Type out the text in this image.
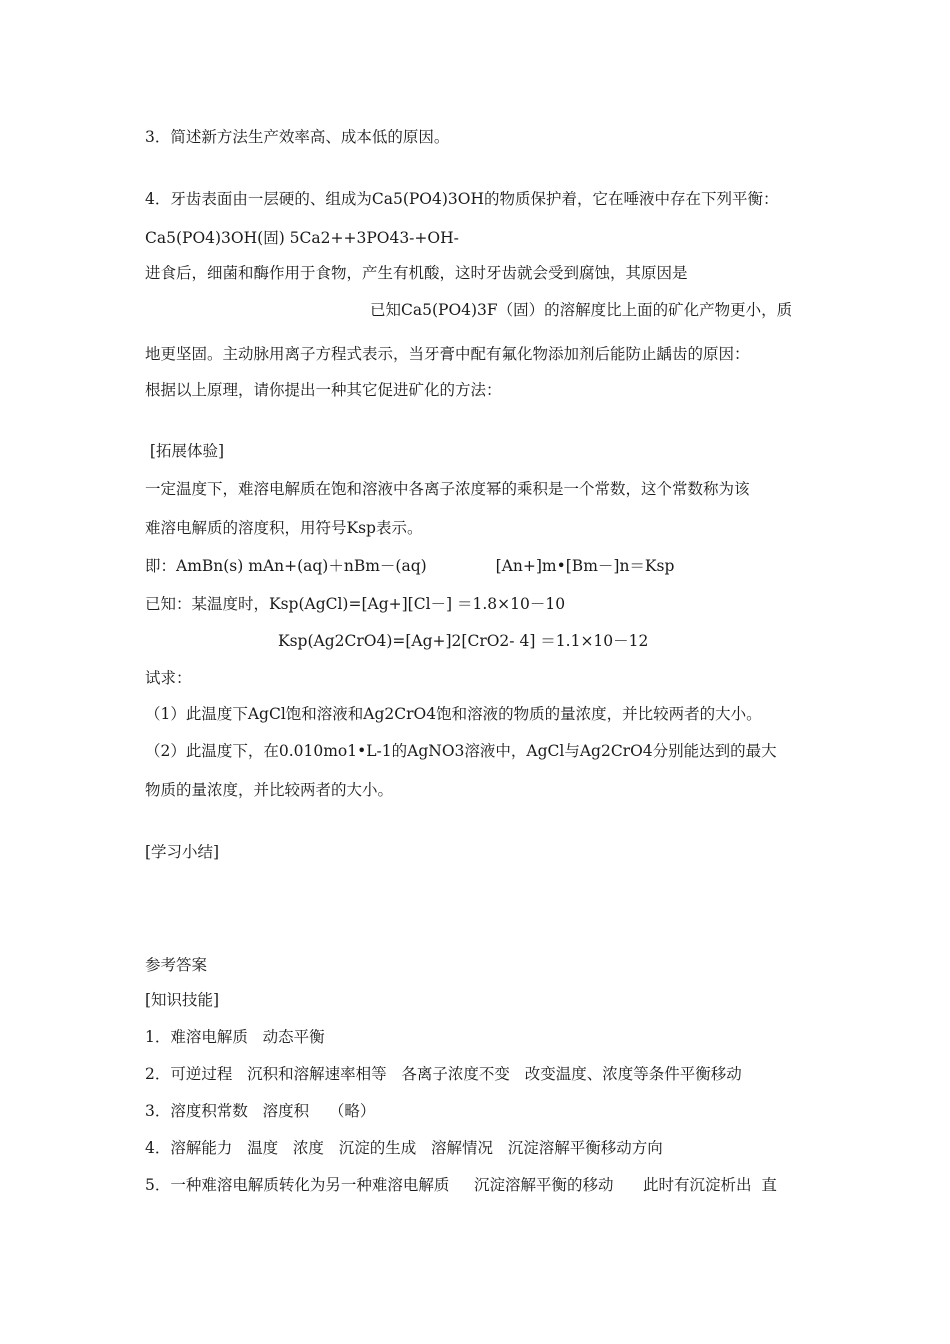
3．简述新方法生产效率高、成本低的原因。
4．牙齿表面由一层硬的、组成为Ca5(PO4)3OH的物质保护着，它在唾液中存在下列平衡：
Ca5(PO4)3OH(固) 5Ca2++3PO43-+OH-
进食后，细菌和酶作用于食物，产生有机酸，这时牙齿就会受到腐蚀，其原因是
已知Ca5(PO4)3F（固）的溶解度比上面的矿化产物更小，质
地更坚固。主动脉用离子方程式表示，当牙膏中配有氟化物添加剂后能防止龋齿的原因：
根据以上原理，请你提出一种其它促进矿化的方法：
[拓展体验]
一定温度下，难溶电解质在饱和溶液中各离子浓度幂的乘积是一个常数，这个常数称为该
难溶电解质的溶度积，用符号Ksp表示。
即：AmBn(s) mAn+(aq)＋nBm－(aq)              [An+]m•[Bm－]n＝Ksp
已知：某温度时，Ksp(AgCl)=[Ag+][Cl－] ＝1.8×10－10
Ksp(Ag2CrO4)=[Ag+]2[CrO2- 4] ＝1.1×10－12
试求：
（1）此温度下AgCl饱和溶液和Ag2CrO4饱和溶液的物质的量浓度，并比较两者的大小。
（2）此温度下，在0.010mo1•L-1的AgNO3溶液中，AgCl与Ag2CrO4分别能达到的最大
物质的量浓度，并比较两者的大小。
[学习小结]
参考答案
[知识技能]
1．难溶电解质   动态平衡
2．可逆过程   沉积和溶解速率相等   各离子浓度不变   改变温度、浓度等条件平衡移动
3．溶度积常数   溶度积    （略）
4．溶解能力   温度   浓度   沉淀的生成   溶解情况   沉淀溶解平衡移动方向
5．一种难溶电解质转化为另一种难溶电解质     沉淀溶解平衡的移动      此时有沉淀析出  直
